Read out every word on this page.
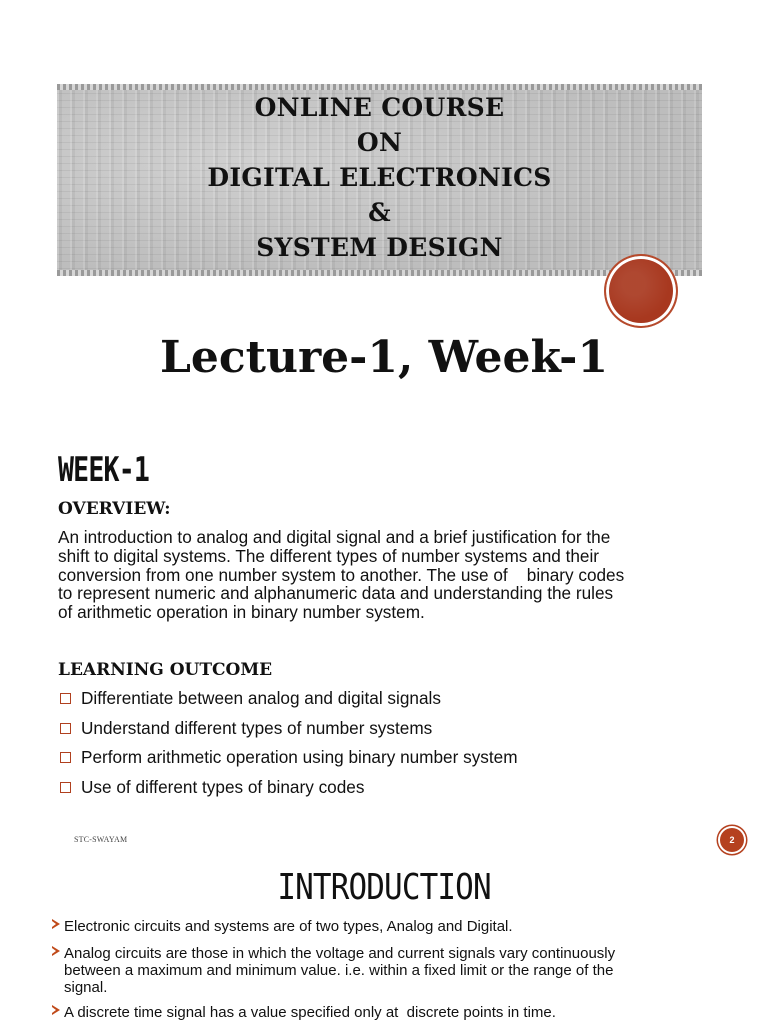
ONLINE COURSE
ON
DIGITAL ELECTRONICS
&
SYSTEM DESIGN
Lecture-1, Week-1
WEEK-1
OVERVIEW:
An introduction to analog and digital signal and a brief justification for the
shift to digital systems. The different types of number systems and their
conversion from one number system to another. The use of    binary codes
to represent numeric and alphanumeric data and understanding the rules
of arithmetic operation in binary number system.
LEARNING OUTCOME
Differentiate between analog and digital signals
Understand different types of number systems
Perform arithmetic operation using binary number system
Use of different types of binary codes
STC-SWAYAM	2
INTRODUCTION
Electronic circuits and systems are of two types, Analog and Digital.
Analog circuits are those in which the voltage and current signals vary continuously
between a maximum and minimum value. i.e. within a fixed limit or the range of the
signal.
A discrete time signal has a value specified only at  discrete points in time.
